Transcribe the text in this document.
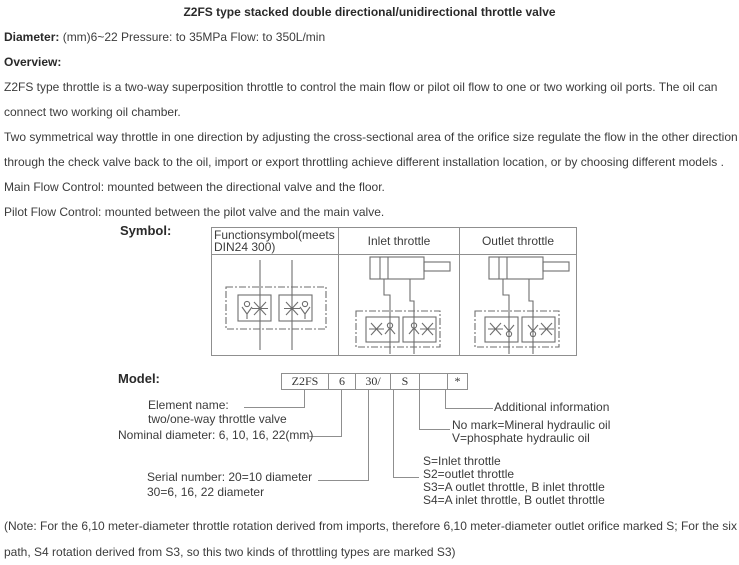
Z2FS type stacked double directional/unidirectional throttle valve
Diameter: (mm)6~22 Pressure: to 35MPa Flow: to 350L/min
Overview:
Z2FS type throttle is a two-way superposition throttle to control the main flow or pilot oil flow to one or two working oil ports. The oil can
connect two working oil chamber.
Two symmetrical way throttle in one direction by adjusting the cross-sectional area of the orifice size regulate the flow in the other direction
through the check valve back to the oil, import or export throttling achieve different installation location, or by choosing different models .
Main Flow Control: mounted between the directional valve and the floor.
Pilot Flow Control: mounted between the pilot valve and the main valve.
Symbol:	Functionsymbol(meets DIN24 300)	Inlet throttle	Outlet throttle

Model:	Z2FS	6	30/	S	*
Element name:
two/one-way throttle valve
Nominal diameter: 6, 10, 16, 22(mm)
Serial number: 20=10 diameter
30=6, 16, 22 diameter
Additional information
No mark=Mineral hydraulic oil
V=phosphate hydraulic oil
S=Inlet throttle
S2=outlet throttle
S3=A outlet throttle, B inlet throttle
S4=A inlet throttle, B outlet throttle
(Note: For the 6,10 meter-diameter throttle rotation derived from imports, therefore 6,10 meter-diameter outlet orifice marked S; For the six
path, S4 rotation derived from S3, so this two kinds of throttling types are marked S3)
